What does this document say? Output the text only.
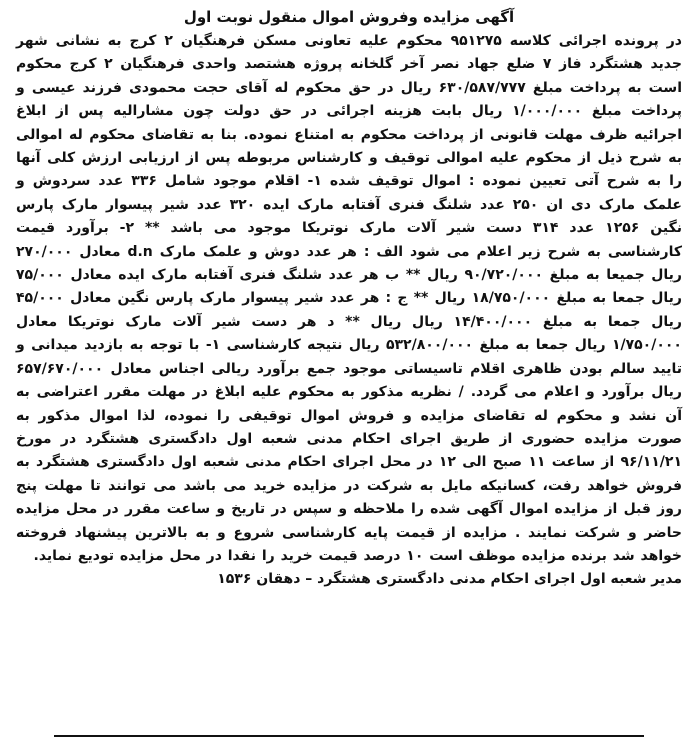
آگهی مزایده وفروش اموال منقول نوبت اول

در پرونده اجرائی کلاسه ۹۵۱۲۷۵ محکوم علیه تعاونی مسکن فرهنگیان ۲ کرج به نشانی شهر جدید هشتگرد فاز ۷ ضلع جهاد نصر آخر گلخانه پروژه هشتصد واحدی فرهنگیان ۲ کرج محکوم است به پرداخت مبلغ ۶۳۰/۵۸۷/۷۷۷ ریال در حق محکوم له آقای حجت محمودی فرزند عیسی و پرداخت مبلغ ۱/۰۰۰/۰۰۰ ریال بابت هزینه اجرائی در حق دولت چون مشارالیه پس از ابلاغ اجرائیه ظرف مهلت قانونی از پرداخت محکوم به امتناع نموده. بنا به تقاضای محکوم له اموالی به شرح ذیل از محکوم علیه اموالی توقیف و کارشناس مربوطه پس از ارزیابی ارزش کلی آنها را به شرح آتی تعیین نموده : اموال توقیف شده ۱- اقلام موجود شامل ۳۳۶ عدد سردوش و علمک مارک دی ان ۲۵۰ عدد شلنگ فنری آفتابه مارک ایده ۳۲۰ عدد شیر پیسوار مارک پارس نگین ۱۲۵۶ عدد ۳۱۴ دست شیر آلات مارک نوتریکا موجود می باشد ** ۲- برآورد قیمت کارشناسی به شرح زیر اعلام می شود الف : هر عدد دوش و علمک مارک d.n معادل ۲۷۰/۰۰۰ ریال جمیعا به مبلغ ۹۰/۷۲۰/۰۰۰ ریال ** ب هر عدد شلنگ فنری آفتابه مارک ایده معادل ۷۵/۰۰۰ ریال جمعا به مبلغ ۱۸/۷۵۰/۰۰۰ ریال ** ج : هر عدد شیر پیسوار مارک پارس نگین معادل ۴۵/۰۰۰ ریال جمعا به مبلغ ۱۴/۴۰۰/۰۰۰ ریال ریال ** د هر دست شیر آلات مارک نوتریکا معادل ۱/۷۵۰/۰۰۰ ریال جمعا به مبلغ ۵۳۲/۸۰۰/۰۰۰ ریال نتیجه کارشناسی ۱- با توجه به بازدید میدانی و تایید سالم بودن ظاهری اقلام تاسیساتی موجود جمع برآورد ریالی اجناس معادل ۶۵۷/۶۷۰/۰۰۰ ریال برآورد و اعلام می گردد. / نظریه مذکور به محکوم علیه ابلاغ در مهلت مقرر اعتراضی به آن نشد و محکوم له تقاضای مزایده و فروش اموال توقیفی را نموده، لذا اموال مذکور به صورت مزایده حضوری از طریق اجرای احکام مدنی شعبه اول دادگستری هشتگرد در مورخ ۹۶/۱۱/۲۱ از ساعت ۱۱ صبح الی ۱۲ در محل اجرای احکام مدنی شعبه اول دادگستری هشتگرد به فروش خواهد رفت، کسانیکه مایل به شرکت در مزایده خرید می باشد می توانند تا مهلت پنج روز قبل از مزایده اموال آگهی شده را ملاحظه و سپس در تاریخ و ساعت مقرر در محل مزایده حاضر و شرکت نمایند . مزایده از قیمت پایه کارشناسی شروع و به بالاترین پیشنهاد فروخته خواهد شد برنده مزایده موظف است ۱۰ درصد قیمت خرید را نقدا در محل مزایده تودیع نماید.

مدیر شعبه اول اجرای احکام مدنی دادگستری هشتگرد – دهقان ۱۵۳۶
